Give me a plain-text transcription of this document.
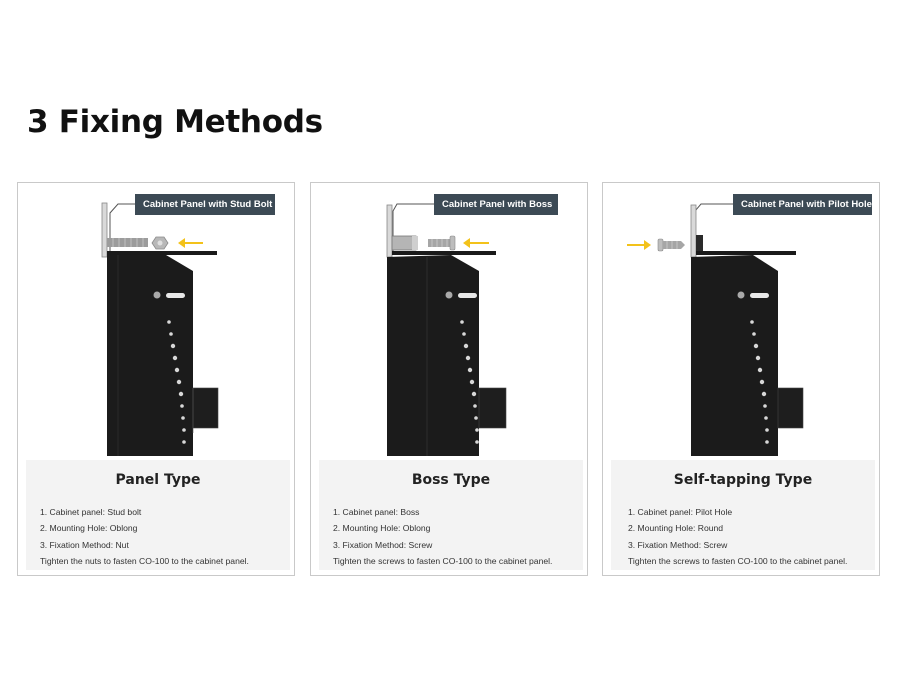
3 Fixing Methods
Cabinet Panel with Stud Bolt
Panel Type
1. Cabinet panel: Stud bolt
2. Mounting Hole: Oblong
3. Fixation Method: Nut
Tighten the nuts to fasten CO-100 to the cabinet panel.
Cabinet Panel with Boss
Boss Type
1. Cabinet panel: Boss
2. Mounting Hole: Oblong
3. Fixation Method: Screw
Tighten the screws to fasten CO-100 to the cabinet panel.
Cabinet Panel with Pilot Hole
Self-tapping Type
1. Cabinet panel: Pilot Hole
2. Mounting Hole: Round
3. Fixation Method: Screw
Tighten the screws to fasten CO-100 to the cabinet panel.
